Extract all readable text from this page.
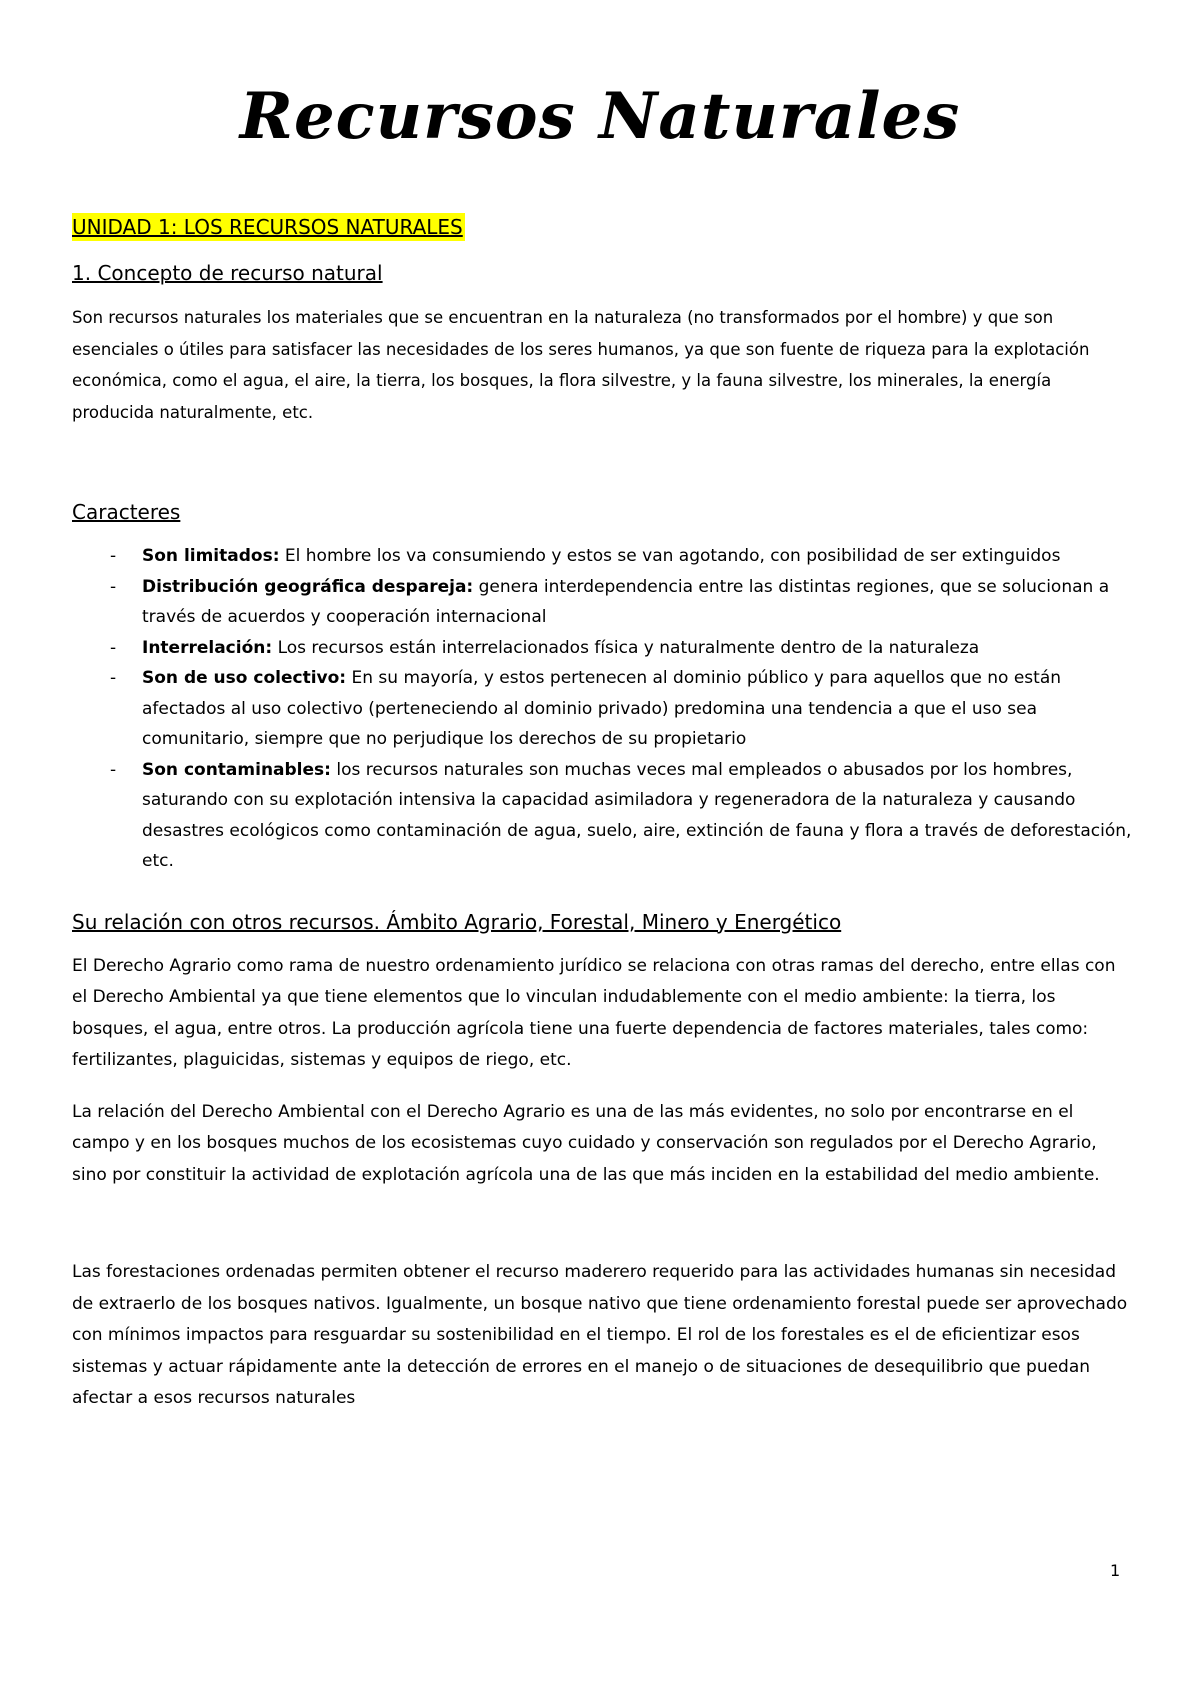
Recursos Naturales
UNIDAD 1: LOS RECURSOS NATURALES
1. Concepto de recurso natural

Son recursos naturales los materiales que se encuentran en la naturaleza (no transformados por el hombre) y que son esenciales o útiles para satisfacer las necesidades de los seres humanos, ya que son fuente de riqueza para la explotación económica, como el agua, el aire, la tierra, los bosques, la flora silvestre, y la fauna silvestre, los minerales, la energía producida naturalmente, etc.

Caracteres
- Son limitados: El hombre los va consumiendo y estos se van agotando, con posibilidad de ser extinguidos
- Distribución geográfica despareja: genera interdependencia entre las distintas regiones, que se solucionan a través de acuerdos y cooperación internacional
- Interrelación: Los recursos están interrelacionados física y naturalmente dentro de la naturaleza
- Son de uso colectivo: En su mayoría, y estos pertenecen al dominio público y para aquellos que no están afectados al uso colectivo (perteneciendo al dominio privado) predomina una tendencia a que el uso sea comunitario, siempre que no perjudique los derechos de su propietario
- Son contaminables: los recursos naturales son muchas veces mal empleados o abusados por los hombres, saturando con su explotación intensiva la capacidad asimiladora y regeneradora de la naturaleza y causando desastres ecológicos como contaminación de agua, suelo, aire, extinción de fauna y flora a través de deforestación, etc.
Su relación con otros recursos. Ámbito Agrario, Forestal, Minero y Energético

El Derecho Agrario como rama de nuestro ordenamiento jurídico se relaciona con otras ramas del derecho, entre ellas con el Derecho Ambiental ya que tiene elementos que lo vinculan indudablemente con el medio ambiente: la tierra, los bosques, el agua, entre otros. La producción agrícola tiene una fuerte dependencia de factores materiales, tales como: fertilizantes, plaguicidas, sistemas y equipos de riego, etc.

La relación del Derecho Ambiental con el Derecho Agrario es una de las más evidentes, no solo por encontrarse en el campo y en los bosques muchos de los ecosistemas cuyo cuidado y conservación son regulados por el Derecho Agrario, sino por constituir la actividad de explotación agrícola una de las que más inciden en la estabilidad del medio ambiente.

Las forestaciones ordenadas permiten obtener el recurso maderero requerido para las actividades humanas sin necesidad de extraerlo de los bosques nativos. Igualmente, un bosque nativo que tiene ordenamiento forestal puede ser aprovechado con mínimos impactos para resguardar su sostenibilidad en el tiempo. El rol de los forestales es el de eficientizar esos sistemas y actuar rápidamente ante la detección de errores en el manejo o de situaciones de desequilibrio que puedan afectar a esos recursos naturales

1
